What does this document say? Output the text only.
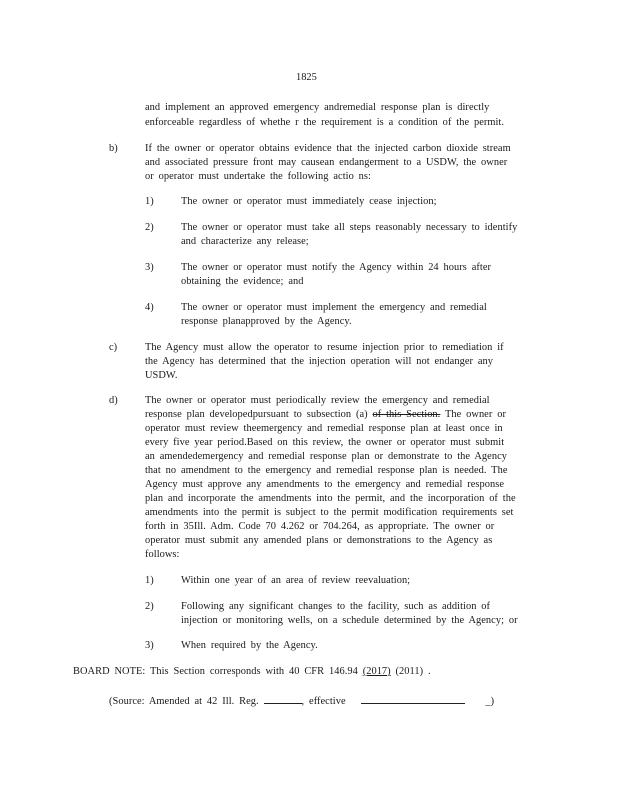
1825
and implement an approved emergency andremedial response plan is directly
enforceable regardless of whethe r the requirement is a condition of the permit.
b)	If the owner or operator obtains evidence that the injected carbon dioxide stream
and associated pressure front may causean endangerment to a USDW, the owner
or operator must undertake the following actio ns:
1)	The owner or operator must immediately cease injection;
2)	The owner or operator must take all steps reasonably necessary to identify
and characterize any release;
3)	The owner or operator must notify the Agency within 24 hours after
obtaining the evidence; and
4)	The owner or operator must implement the emergency and remedial
response planapproved by the Agency.
c)	The Agency must allow the operator to resume injection prior to remediation if
the Agency has determined that the injection operation will not endanger any
USDW.
d)	The owner or operator must periodically review the emergency and remedial
response plan developedpursuant to subsection (a) of this Section. The owner or
operator must review theemergency and remedial response plan at least once in
every five year period.Based on this review, the owner or operator must submit
an amendedemergency and remedial response plan or demonstrate to the Agency
that no amendment to the emergency and remedial response plan is needed. The
Agency must approve any amendments to the emergency and remedial response
plan and incorporate the amendments into the permit, and the incorporation of the
amendments into the permit is subject to the permit modification requirements set
forth in 35Ill. Adm. Code 70 4.262 or 704.264, as appropriate. The owner or
operator must submit any amended plans or demonstrations to the Agency as
follows:
1)	Within one year of an area of review reevaluation;
2)	Following any significant changes to the facility, such as addition of
injection or monitoring wells, on a schedule determined by the Agency; or
3)	When required by the Agency.
BOARD NOTE: This Section corresponds with 40 CFR 146.94 (2017) (2011) .
(Source: Amended at 42 Ill. Reg.	, effective	_)
